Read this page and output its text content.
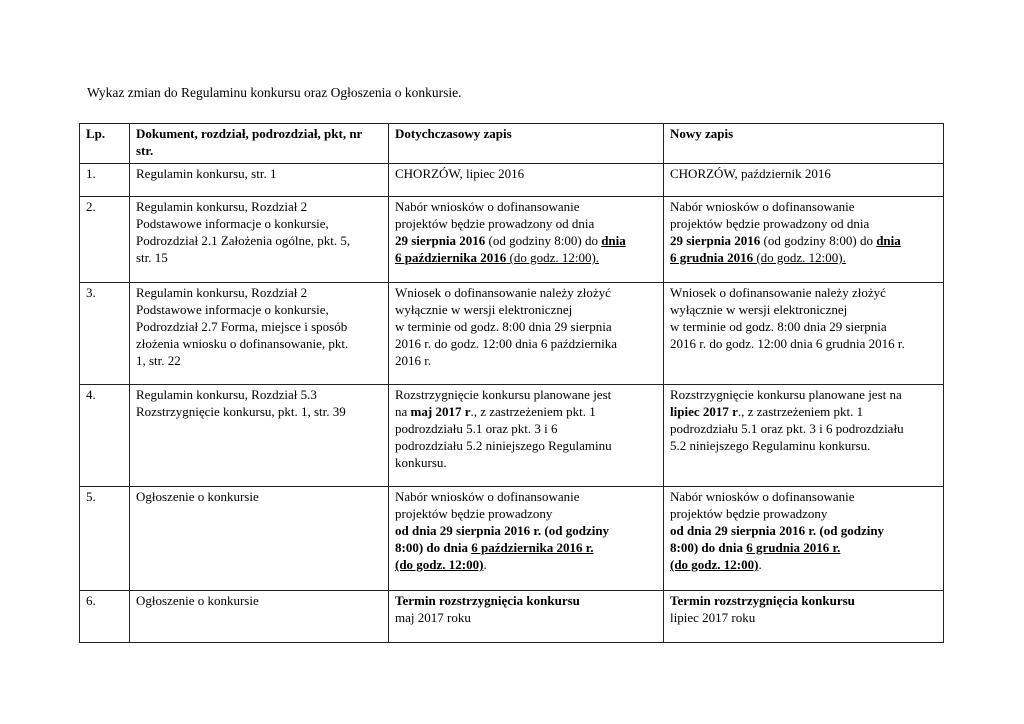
Wykaz zmian do Regulaminu konkursu oraz Ogłoszenia o konkursie.
Lp.	Dokument, rozdział, podrozdział, pkt, nr str.	Dotychczasowy zapis	Nowy zapis
1.	Regulamin konkursu, str. 1	CHORZÓW, lipiec 2016	CHORZÓW, październik 2016

2.	Regulamin konkursu, Rozdział 2
Podstawowe informacje o konkursie,
Podrozdział 2.1 Założenia ogólne, pkt. 5,
str. 15	Nabór wniosków o dofinansowanie
projektów będzie prowadzony od dnia
29 sierpnia 2016 (od godziny 8:00) do dnia
6 października 2016 (do godz. 12:00).	Nabór wniosków o dofinansowanie
projektów będzie prowadzony od dnia
29 sierpnia 2016 (od godziny 8:00) do dnia
6 grudnia 2016 (do godz. 12:00).

3.	Regulamin konkursu, Rozdział 2
Podstawowe informacje o konkursie,
Podrozdział 2.7 Forma, miejsce i sposób
złożenia wniosku o dofinansowanie, pkt.
1, str. 22	Wniosek o dofinansowanie należy złożyć
wyłącznie w wersji elektronicznej
w terminie od godz. 8:00 dnia 29 sierpnia
2016 r. do godz. 12:00 dnia 6 października
2016 r.	Wniosek o dofinansowanie należy złożyć
wyłącznie w wersji elektronicznej
w terminie od godz. 8:00 dnia 29 sierpnia
2016 r. do godz. 12:00 dnia 6 grudnia 2016 r.

4.	Regulamin konkursu, Rozdział 5.3
Rozstrzygnięcie konkursu, pkt. 1, str. 39	Rozstrzygnięcie konkursu planowane jest
na maj 2017 r., z zastrzeżeniem pkt. 1
podrozdziału 5.1 oraz pkt. 3 i 6
podrozdziału 5.2 niniejszego Regulaminu
konkursu.	Rozstrzygnięcie konkursu planowane jest na
lipiec 2017 r., z zastrzeżeniem pkt. 1
podrozdziału 5.1 oraz pkt. 3 i 6 podrozdziału
5.2 niniejszego Regulaminu konkursu.

5.	Ogłoszenie o konkursie	Nabór wniosków o dofinansowanie
projektów będzie prowadzony
od dnia 29 sierpnia 2016 r. (od godziny
8:00) do dnia 6 października 2016 r.
(do godz. 12:00).	Nabór wniosków o dofinansowanie
projektów będzie prowadzony
od dnia 29 sierpnia 2016 r. (od godziny
8:00) do dnia 6 grudnia 2016 r.
(do godz. 12:00).

6.	Ogłoszenie o konkursie	Termin rozstrzygnięcia konkursu
maj 2017 roku	Termin rozstrzygnięcia konkursu
lipiec 2017 roku
